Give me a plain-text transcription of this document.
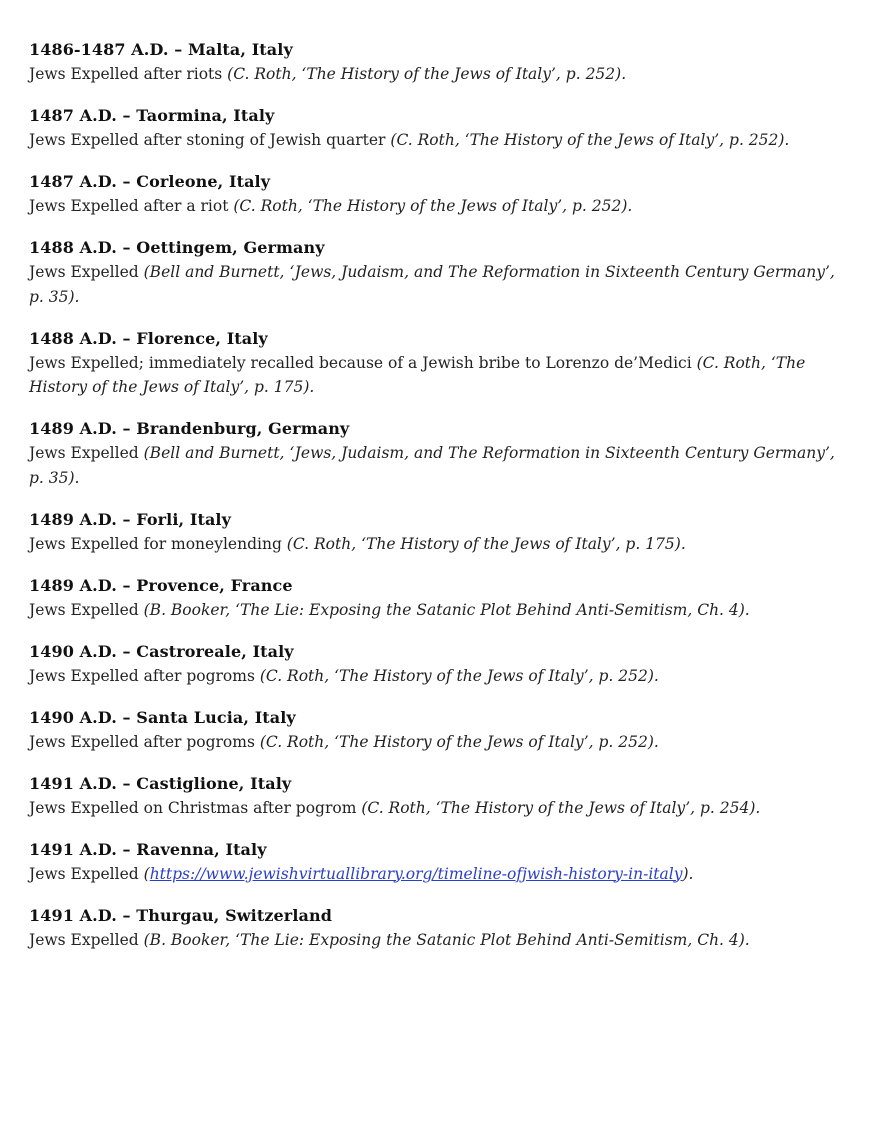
1486-1487 A.D. – Malta, Italy
Jews Expelled after riots (C. Roth, ‘The History of the Jews of Italy’, p. 252).
1487 A.D. – Taormina, Italy
Jews Expelled after stoning of Jewish quarter (C. Roth, ‘The History of the Jews of Italy’, p. 252).
1487 A.D. – Corleone, Italy
Jews Expelled after a riot (C. Roth, ‘The History of the Jews of Italy’, p. 252).
1488 A.D. – Oettingem, Germany
Jews Expelled (Bell and Burnett, ‘Jews, Judaism, and The Reformation in Sixteenth Century Germany’, p. 35).
1488 A.D. – Florence, Italy
Jews Expelled; immediately recalled because of a Jewish bribe to Lorenzo de’Medici (C. Roth, ‘The History of the Jews of Italy’, p. 175).
1489 A.D. – Brandenburg, Germany
Jews Expelled (Bell and Burnett, ‘Jews, Judaism, and The Reformation in Sixteenth Century Germany’, p. 35).
1489 A.D. – Forli, Italy
Jews Expelled for moneylending (C. Roth, ‘The History of the Jews of Italy’, p. 175).
1489 A.D. – Provence, France
Jews Expelled (B. Booker, ‘The Lie: Exposing the Satanic Plot Behind Anti-Semitism, Ch. 4).
1490 A.D. – Castroreale, Italy
Jews Expelled after pogroms (C. Roth, ‘The History of the Jews of Italy’, p. 252).
1490 A.D. – Santa Lucia, Italy
Jews Expelled after pogroms (C. Roth, ‘The History of the Jews of Italy’, p. 252).
1491 A.D. – Castiglione, Italy
Jews Expelled on Christmas after pogrom (C. Roth, ‘The History of the Jews of Italy’, p. 254).
1491 A.D. – Ravenna, Italy
Jews Expelled (https://www.jewishvirtuallibrary.org/timeline-ofjwish-history-in-italy).
1491 A.D. – Thurgau, Switzerland
Jews Expelled (B. Booker, ‘The Lie: Exposing the Satanic Plot Behind Anti-Semitism, Ch. 4).
